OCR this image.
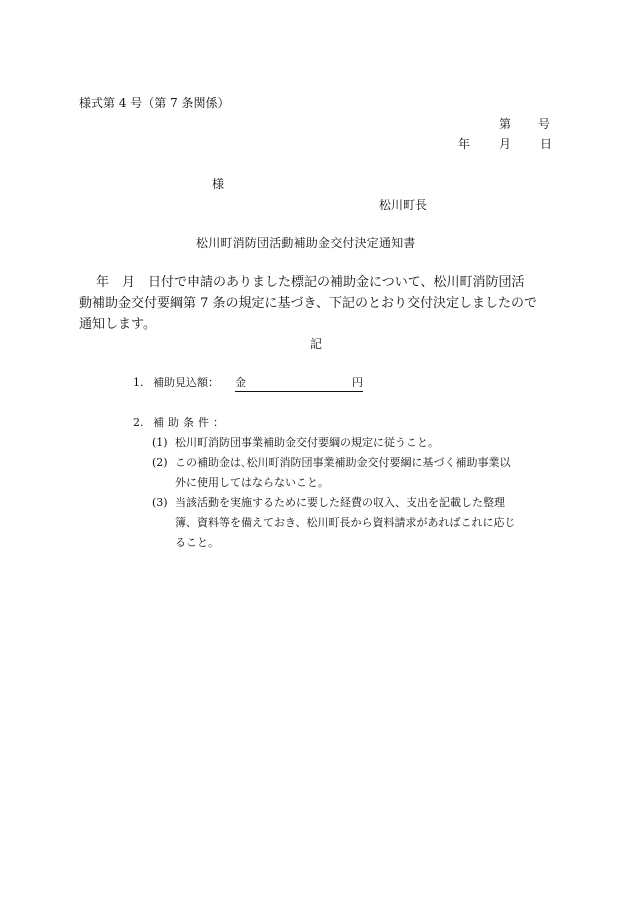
様式第 4 号（第 7 条関係）
第 号
年 月 日
様
松川町長
松川町消防団活動補助金交付決定通知書
年　月　日付で申請のありました標記の補助金について、松川町消防団活
動補助金交付要綱第 7 条の規定に基づき、下記のとおり交付決定しましたので
通知します。
記
1. 補助見込額： 金	円
2. 補助条件：
(1) 松川町消防団事業補助金交付要綱の規定に従うこと。
(2) この補助金は､松川町消防団事業補助金交付要綱に基づく補助事業以
外に使用してはならないこと。
(3) 当該活動を実施するために要した経費の収入、支出を記載した整理
簿、資料等を備えておき、松川町長から資料請求があればこれに応じ
ること。
